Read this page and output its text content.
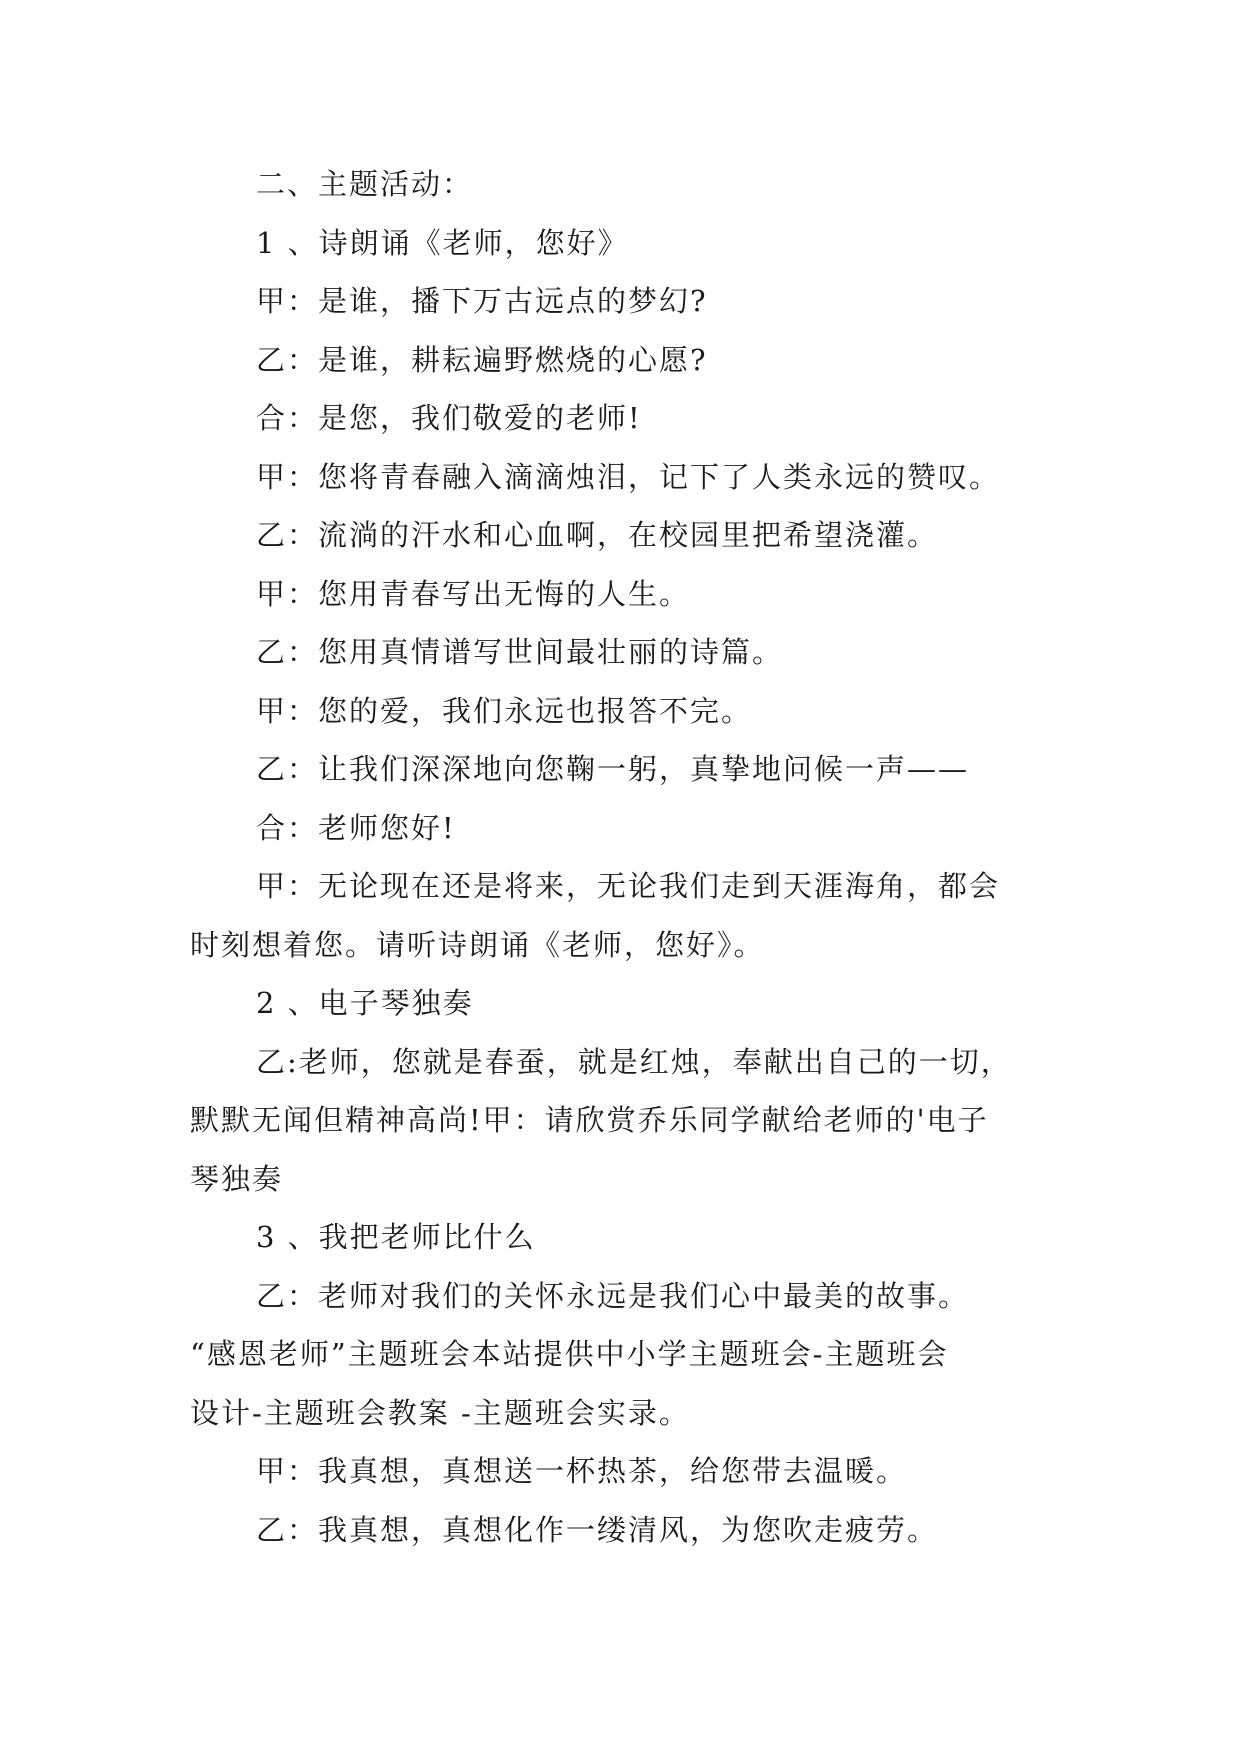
二、主题活动：
1 、诗朗诵《老师，您好》
甲：是谁，播下万古远点的梦幻?
乙：是谁，耕耘遍野燃烧的心愿?
合：是您，我们敬爱的老师!
甲：您将青春融入滴滴烛泪，记下了人类永远的赞叹。
乙：流淌的汗水和心血啊，在校园里把希望浇灌。
甲：您用青春写出无悔的人生。
乙：您用真情谱写世间最壮丽的诗篇。
甲：您的爱，我们永远也报答不完。
乙：让我们深深地向您鞠一躬，真挚地问候一声——
合：老师您好!
甲：无论现在还是将来，无论我们走到天涯海角，都会
时刻想着您。请听诗朗诵《老师，您好》。
2 、电子琴独奏
乙:老师，您就是春蚕，就是红烛，奉献出自己的一切，
默默无闻但精神高尚!甲：请欣赏乔乐同学献给老师的'电子
琴独奏
3 、我把老师比什么
乙：老师对我们的关怀永远是我们心中最美的故事。
“感恩老师”主题班会本站提供中小学主题班会-主题班会
设计-主题班会教案 -主题班会实录。
甲：我真想，真想送一杯热茶，给您带去温暖。
乙：我真想，真想化作一缕清风，为您吹走疲劳。
